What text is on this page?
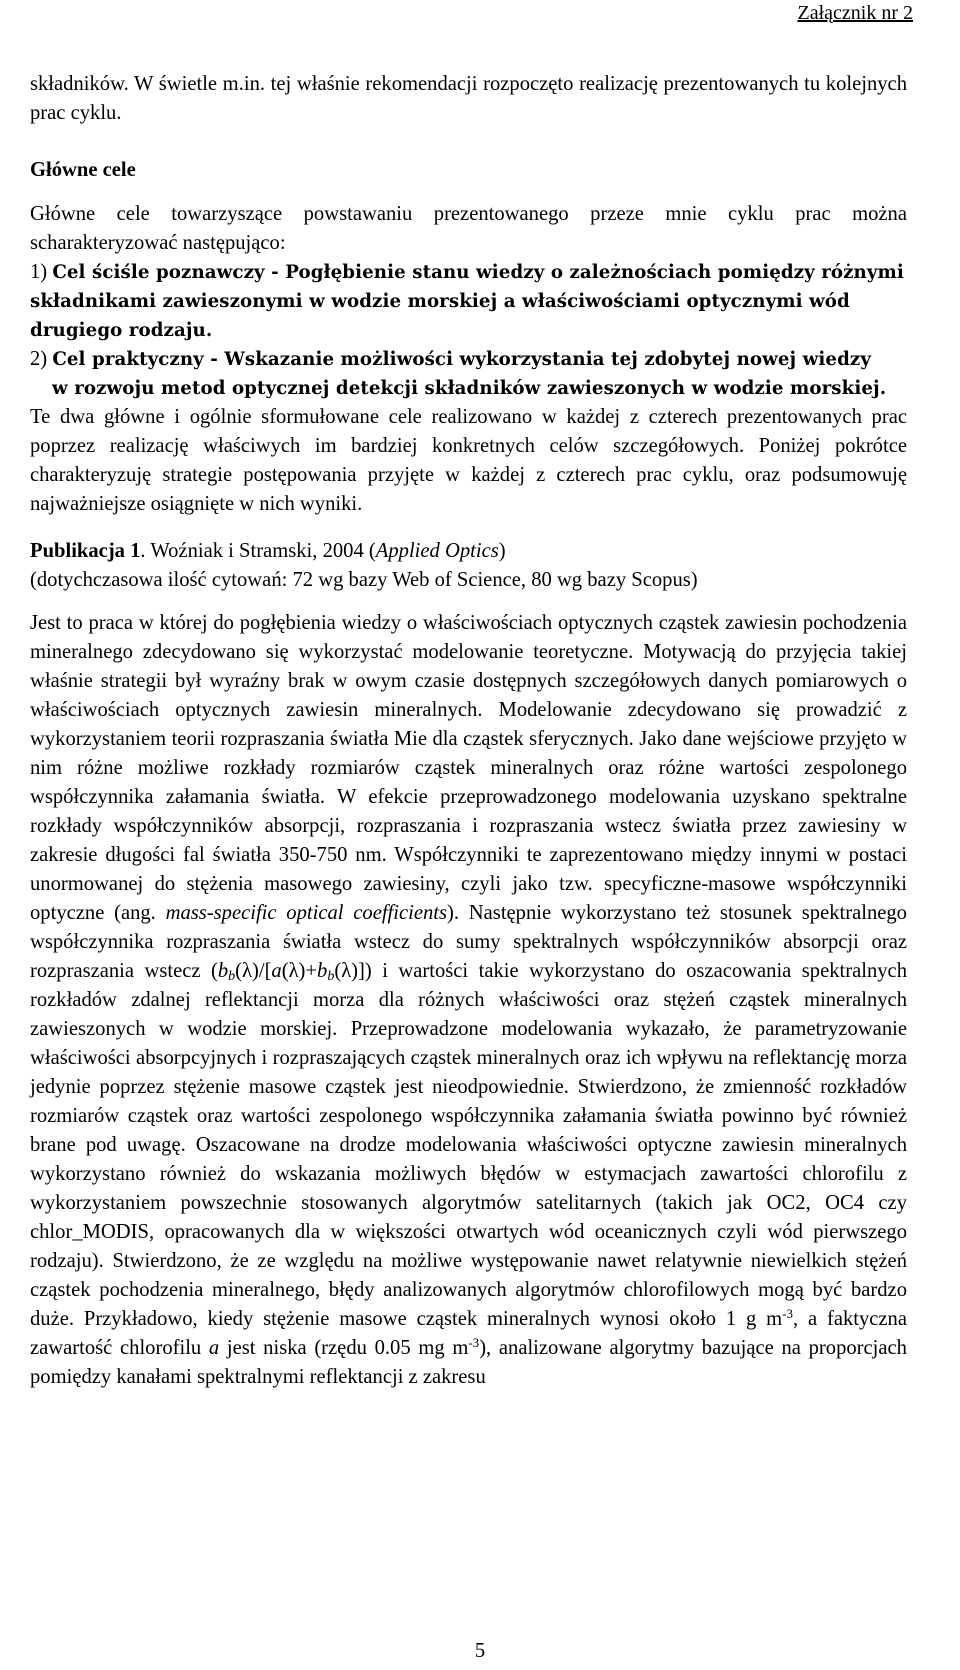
Załącznik nr 2

składników. W świetle m.in. tej właśnie rekomendacji rozpoczęto realizację prezentowanych tu kolejnych prac cyklu.

Główne cele

Główne cele towarzyszące powstawaniu prezentowanego przeze mnie cyklu prac można scharakteryzować następująco:

1) Cel ściśle poznawczy - Pogłębienie stanu wiedzy o zależnościach pomiędzy różnymi
składnikami zawieszonymi w wodzie morskiej a właściwościami optycznymi wód
drugiego rodzaju.
2) Cel praktyczny - Wskazanie możliwości wykorzystania tej zdobytej nowej wiedzy
w rozwoju metod optycznej detekcji składników zawieszonych w wodzie morskiej.

Te dwa główne i ogólnie sformułowane cele realizowano w każdej z czterech prezentowanych prac poprzez realizację właściwych im bardziej konkretnych celów szczegółowych. Poniżej pokrótce charakteryzuję strategie postępowania przyjęte w każdej z czterech prac cyklu, oraz podsumowuję najważniejsze osiągnięte w nich wyniki.

Publikacja 1. Woźniak i Stramski, 2004 (Applied Optics)
(dotychczasowa ilość cytowań: 72 wg bazy Web of Science, 80 wg bazy Scopus)

Jest to praca w której do pogłębienia wiedzy o właściwościach optycznych cząstek zawiesin pochodzenia mineralnego zdecydowano się wykorzystać modelowanie teoretyczne. Motywacją do przyjęcia takiej właśnie strategii był wyraźny brak w owym czasie dostępnych szczegółowych danych pomiarowych o właściwościach optycznych zawiesin mineralnych. Modelowanie zdecydowano się prowadzić z wykorzystaniem teorii rozpraszania światła Mie dla cząstek sferycznych. Jako dane wejściowe przyjęto w nim różne możliwe rozkłady rozmiarów cząstek mineralnych oraz różne wartości zespolonego współczynnika załamania światła. W efekcie przeprowadzonego modelowania uzyskano spektralne rozkłady współczynników absorpcji, rozpraszania i rozpraszania wstecz światła przez zawiesiny w zakresie długości fal światła 350-750 nm. Współczynniki te zaprezentowano między innymi w postaci unormowanej do stężenia masowego zawiesiny, czyli jako tzw. specyficzne-masowe współczynniki optyczne (ang. mass-specific optical coefficients). Następnie wykorzystano też stosunek spektralnego współczynnika rozpraszania światła wstecz do sumy spektralnych współczynników absorpcji oraz rozpraszania wstecz $(b_b(\lambda)/[a(\lambda)+b_b(\lambda)])$ i wartości takie wykorzystano do oszacowania spektralnych rozkładów zdalnej reflektancji morza dla różnych właściwości oraz stężeń cząstek mineralnych zawieszonych w wodzie morskiej. Przeprowadzone modelowania wykazało, że parametryzowanie właściwości absorpcyjnych i rozpraszających cząstek mineralnych oraz ich wpływu na reflektancję morza jedynie poprzez stężenie masowe cząstek jest nieodpowiednie. Stwierdzono, że zmienność rozkładów rozmiarów cząstek oraz wartości zespolonego współczynnika załamania światła powinno być również brane pod uwagę. Oszacowane na drodze modelowania właściwości optyczne zawiesin mineralnych wykorzystano również do wskazania możliwych błędów w estymacjach zawartości chlorofilu z wykorzystaniem powszechnie stosowanych algorytmów satelitarnych (takich jak OC2, OC4 czy chlor_MODIS, opracowanych dla w większości otwartych wód oceanicznych czyli wód pierwszego rodzaju). Stwierdzono, że ze względu na możliwe występowanie nawet relatywnie niewielkich stężeń cząstek pochodzenia mineralnego, błędy analizowanych algorytmów chlorofilowych mogą być bardzo duże. Przykładowo, kiedy stężenie masowe cząstek mineralnych wynosi około 1 g $m^{-3}$, a faktyczna zawartość chlorofilu a jest niska (rzędu 0.05 mg $m^{-3}$), analizowane algorytmy bazujące na proporcjach pomiędzy kanałami spektralnymi reflektancji z zakresu

5
